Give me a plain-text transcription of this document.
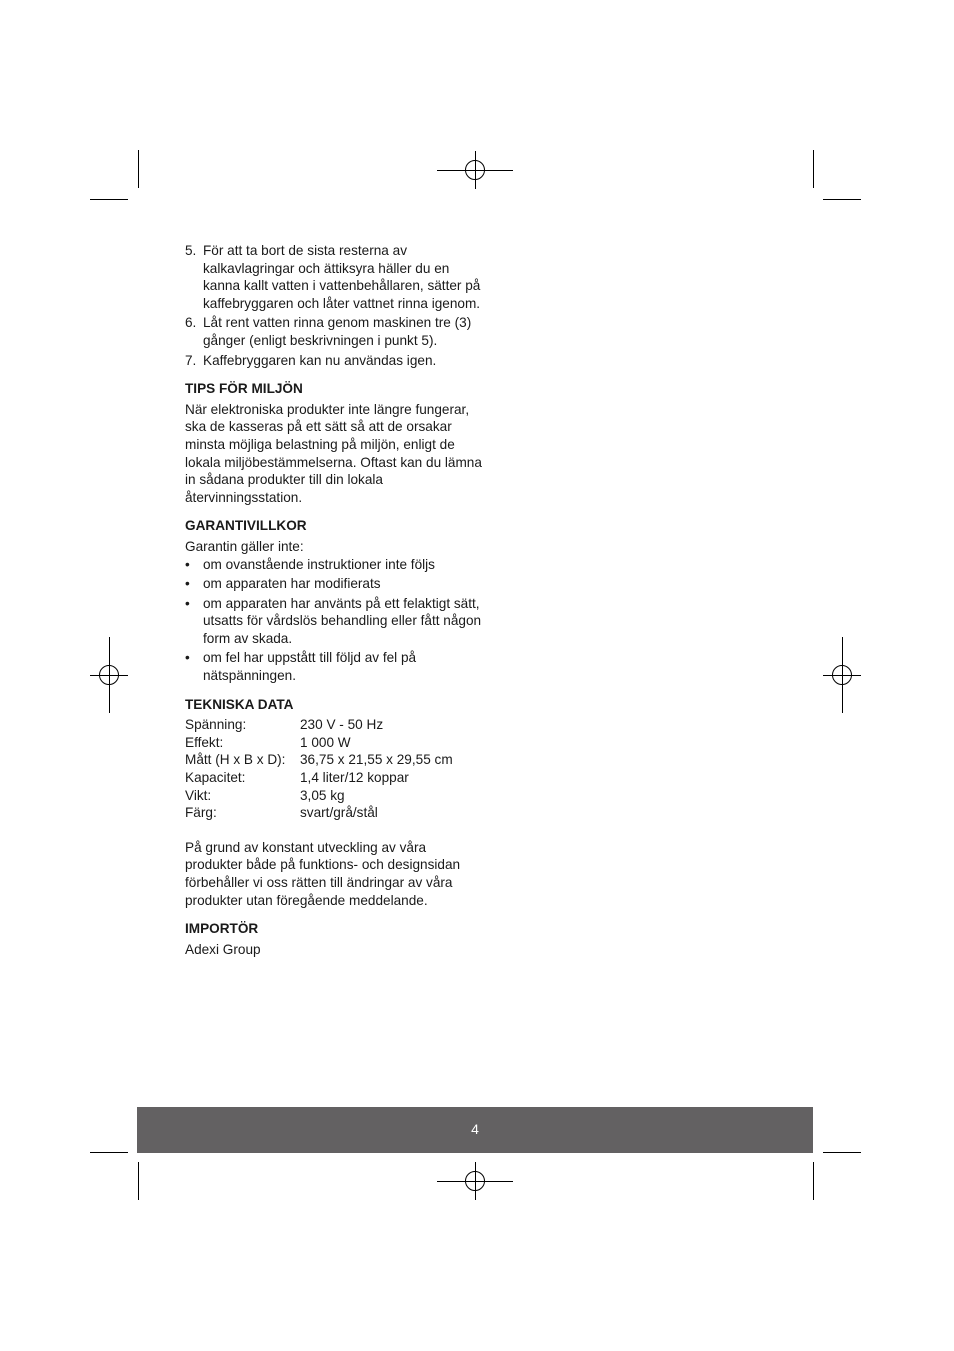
5. För att ta bort de sista resterna av kalkavlagringar och ättiksyra häller du en kanna kallt vatten i vattenbehållaren, sätter på kaffebryggaren och låter vattnet rinna igenom.
6. Låt rent vatten rinna genom maskinen tre (3) gånger (enligt beskrivningen i punkt 5).
7. Kaffebryggaren kan nu användas igen.

TIPS FÖR MILJÖN

När elektroniska produkter inte längre fungerar, ska de kasseras på ett sätt så att de orsakar minsta möjliga belastning på miljön, enligt de lokala miljöbestämmelserna. Oftast kan du lämna in sådana produkter till din lokala återvinningsstation.

GARANTIVILLKOR

Garantin gäller inte:

• om ovanstående instruktioner inte följs
• om apparaten har modifierats
• om apparaten har använts på ett felaktigt sätt, utsatts för vårdslös behandling eller fått någon form av skada.
• om fel har uppstått till följd av fel på nätspänningen.

TEKNISKA DATA

Spänning:	230 V - 50 Hz
Effekt:	1 000 W
Mått (H x B x D):	36,75 x 21,55 x 29,55 cm
Kapacitet:	1,4 liter/12 koppar
Vikt:	3,05 kg
Färg:	svart/grå/stål

På grund av konstant utveckling av våra produkter både på funktions- och designsidan förbehåller vi oss rätten till ändringar av våra produkter utan föregående meddelande.

IMPORTÖR

Adexi Group

4
